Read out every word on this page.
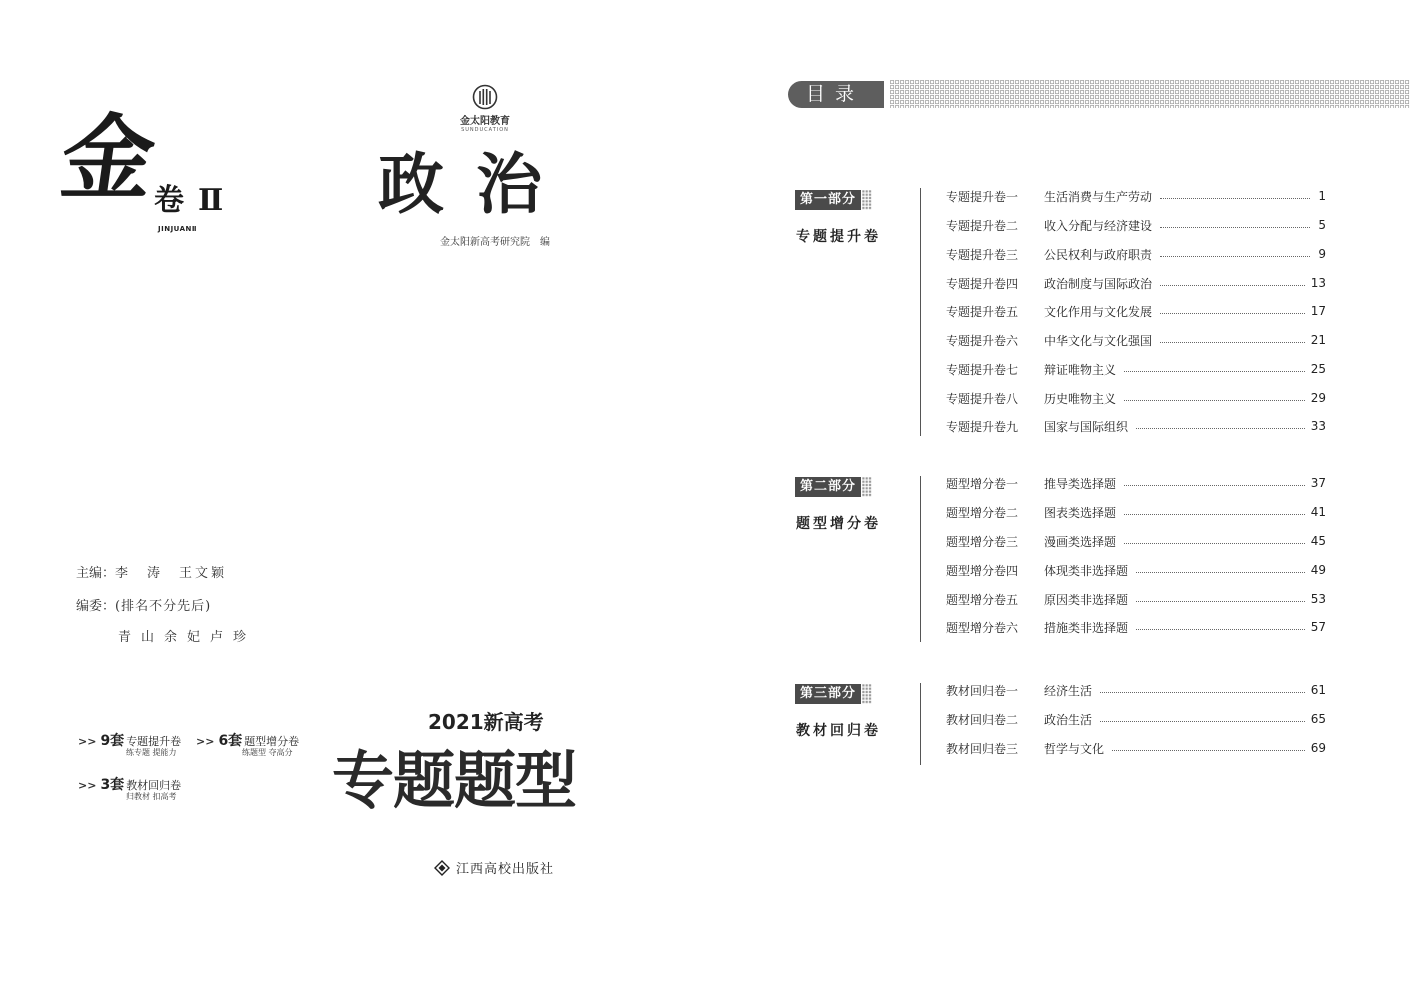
金
卷 Ⅱ
JINJUANⅡ
金太阳教育
SUNDUCATION
政治
金太阳新高考研究院　编
主编：李　涛　王文颖
编委：(排名不分先后)
青山余妃卢珍
>> 9套 专题提升卷
练专题 提能力
>> 6套 题型增分卷
练题型 夺高分
>> 3套 教材回归卷
归教材 扣高考
2021新高考
专题题型
江西高校出版社
目录
第一部分
专题提升卷
专题提升卷一	生活消费与生产劳动	1
专题提升卷二	收入分配与经济建设	5
专题提升卷三	公民权利与政府职责	9
专题提升卷四	政治制度与国际政治	13
专题提升卷五	文化作用与文化发展	17
专题提升卷六	中华文化与文化强国	21
专题提升卷七	辩证唯物主义	25
专题提升卷八	历史唯物主义	29
专题提升卷九	国家与国际组织	33
第二部分
题型增分卷
题型增分卷一	推导类选择题	37
题型增分卷二	图表类选择题	41
题型增分卷三	漫画类选择题	45
题型增分卷四	体现类非选择题	49
题型增分卷五	原因类非选择题	53
题型增分卷六	措施类非选择题	57
第三部分
教材回归卷
教材回归卷一	经济生活	61
教材回归卷二	政治生活	65
教材回归卷三	哲学与文化	69
